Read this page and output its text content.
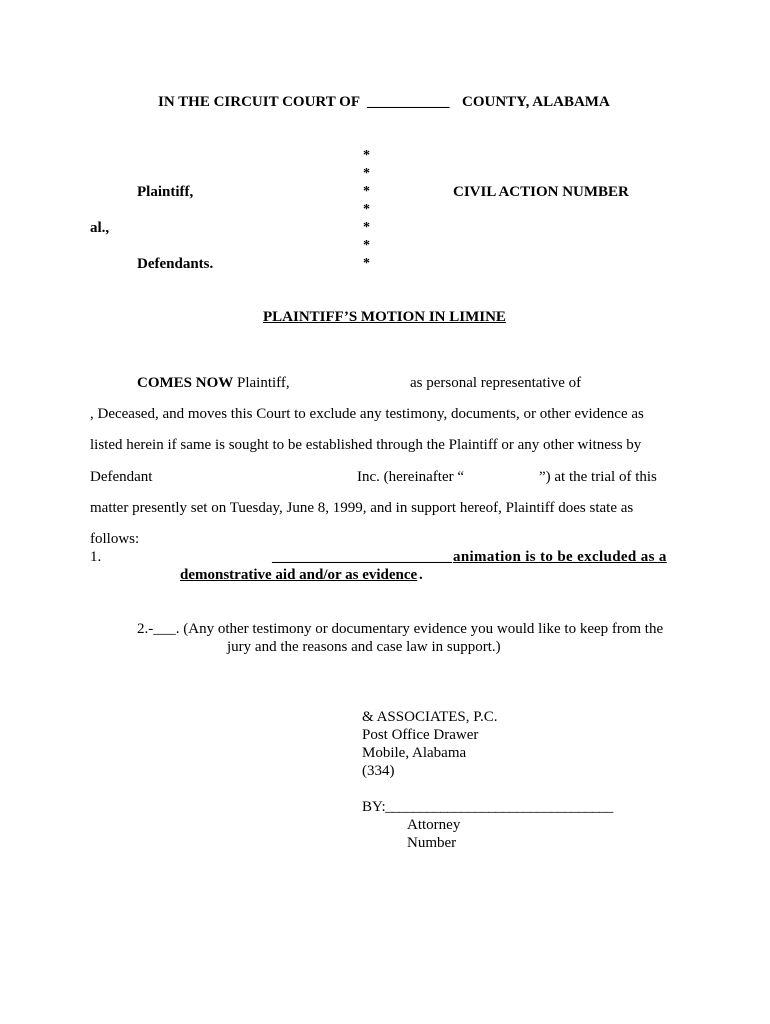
IN THE CIRCUIT COURT OF ___________ COUNTY, ALABAMA
*
*
*
*
*
*
*
Plaintiff,	CIVIL ACTION NUMBER
al.,
Defendants.
PLAINTIFF’S MOTION IN LIMINE
COMES NOW Plaintiff,	as personal representative of
, Deceased, and moves this Court to exclude any testimony, documents, or other evidence as
listed herein if same is sought to be established through the Plaintiff or any other witness by
Defendant	Inc. (hereinafter “	”) at the trial of this
matter presently set on Tuesday, June 8, 1999, and in support hereof, Plaintiff does state as
follows:
1.	________________________ animation is to be excluded as a
demonstrative aid and/or as evidence .
2.-___. (Any other testimony or documentary evidence you would like to keep from the
jury and the reasons and case law in support.)
& ASSOCIATES, P.C.
Post Office Drawer
Mobile, Alabama
(334)
BY: _________________________________
Attorney
Number
